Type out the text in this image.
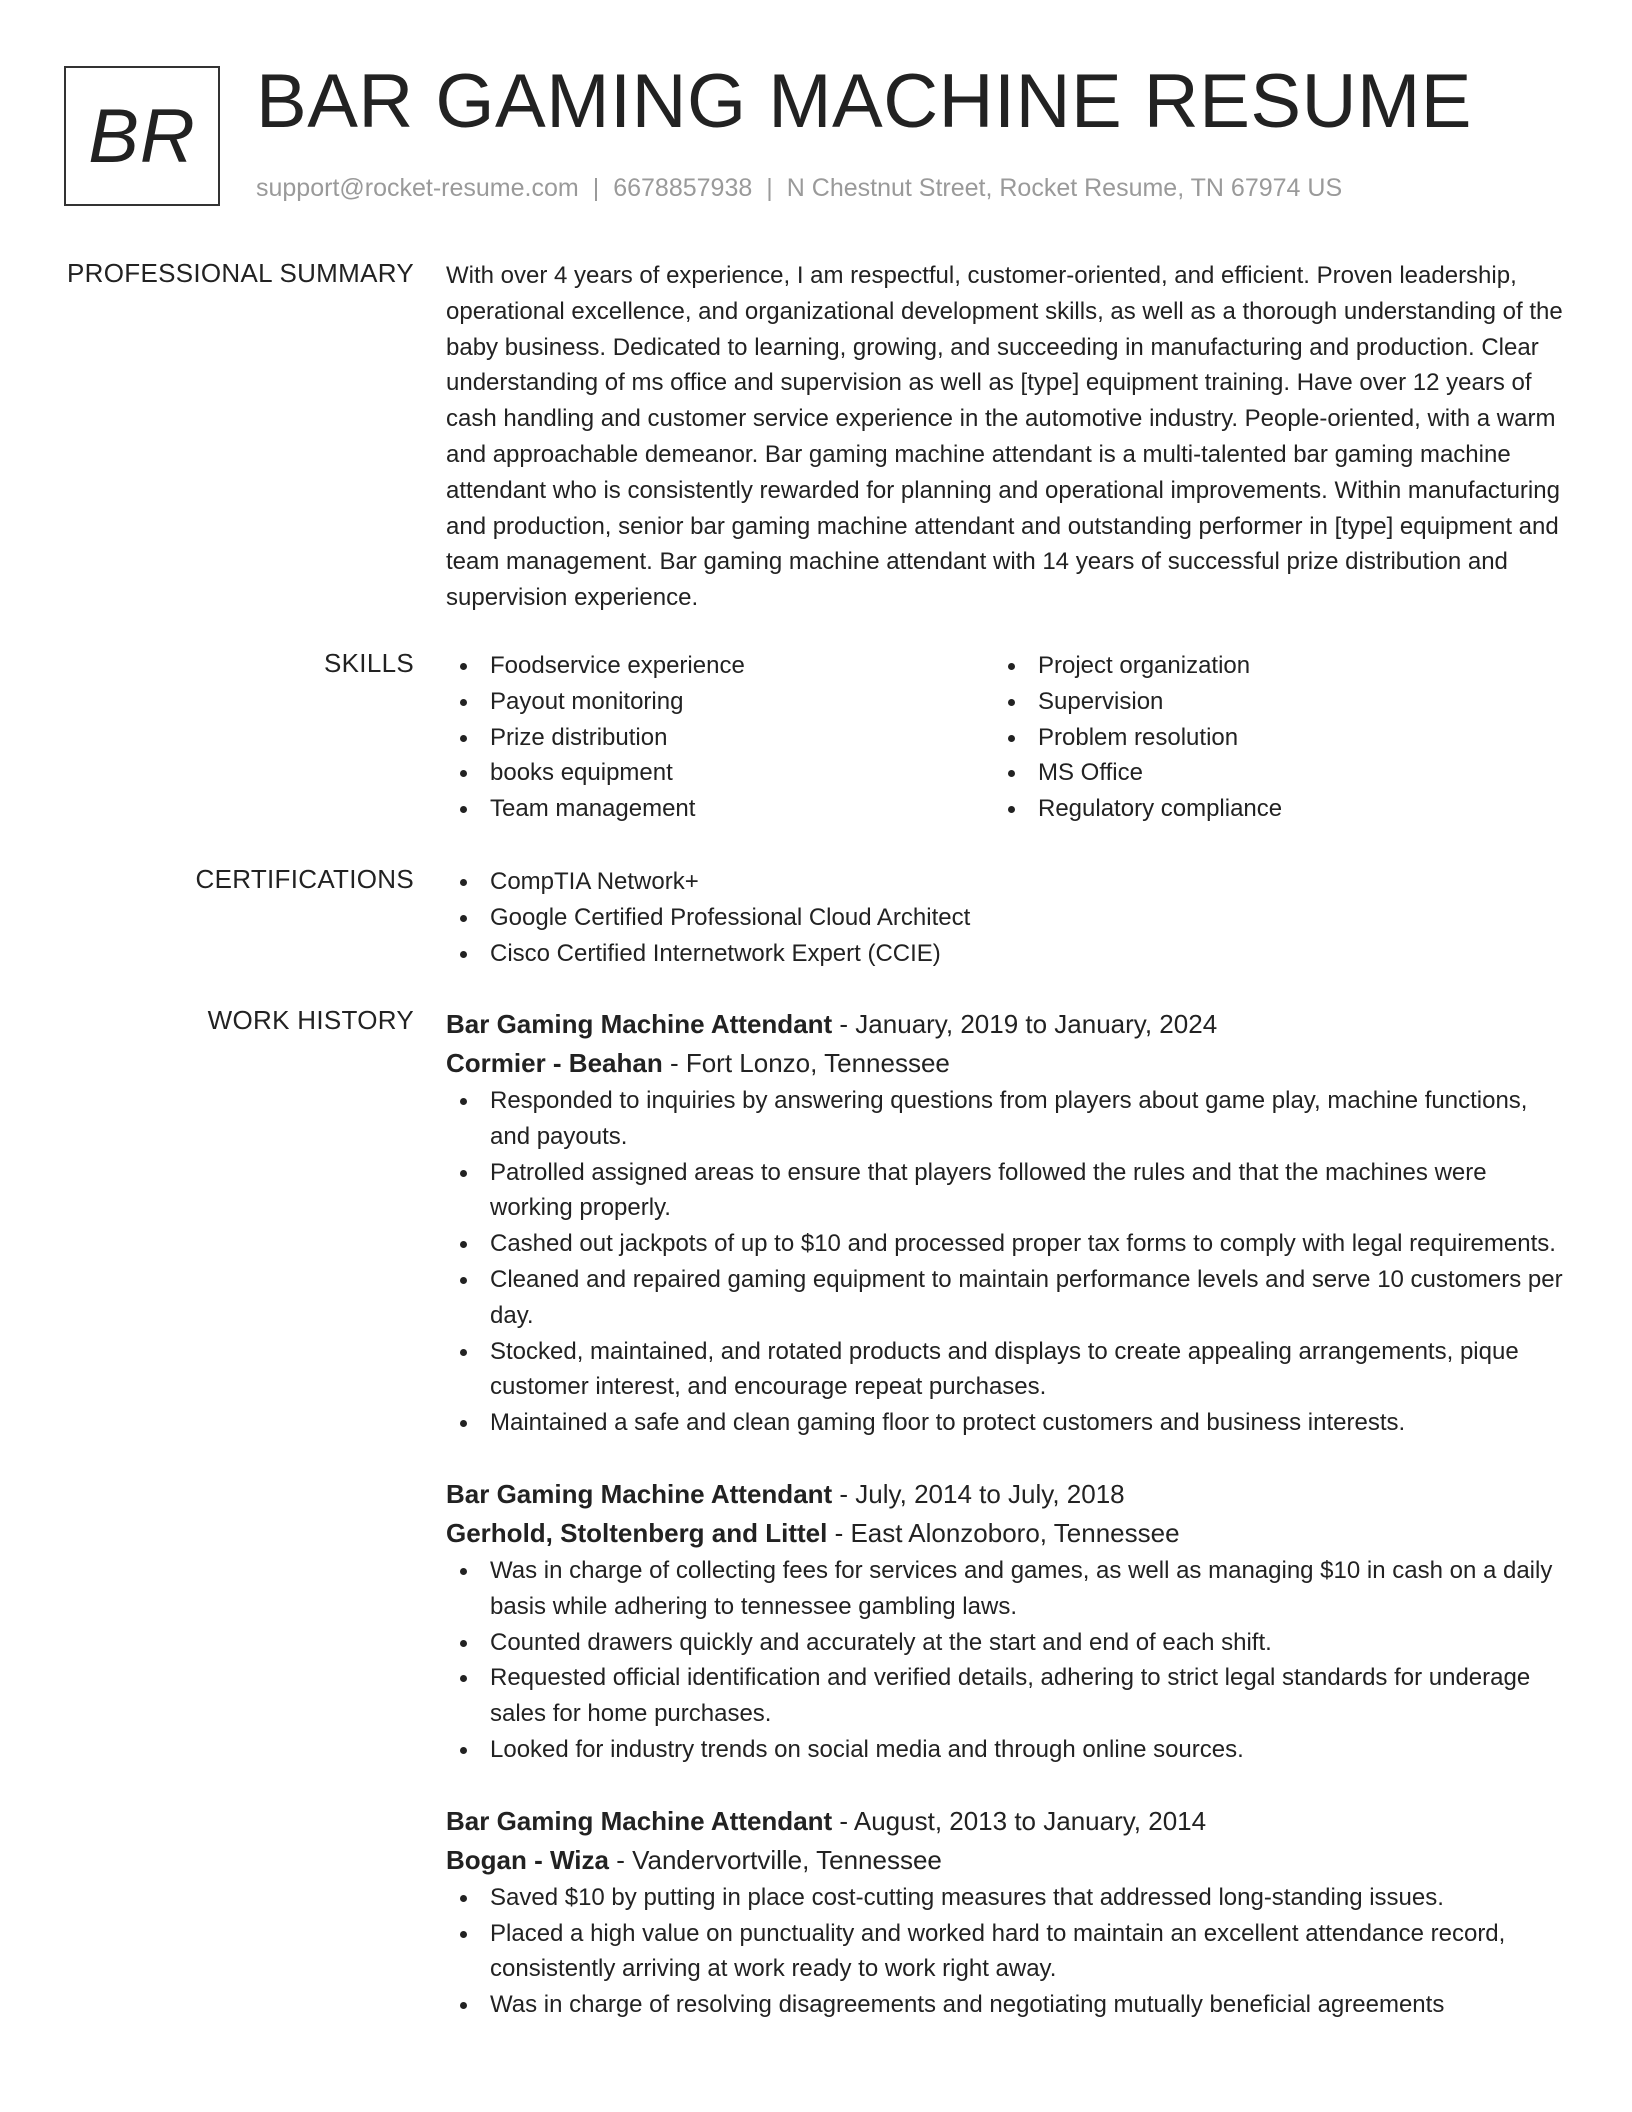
BR BAR GAMING MACHINE RESUME
support@rocket-resume.com | 6678857938 | N Chestnut Street, Rocket Resume, TN 67974 US
PROFESSIONAL SUMMARY With over 4 years of experience, I am respectful, customer-oriented, and efficient. Proven leadership, operational excellence, and organizational development skills, as well as a thorough understanding of the baby business. Dedicated to learning, growing, and succeeding in manufacturing and production. Clear understanding of ms office and supervision as well as [type] equipment training. Have over 12 years of cash handling and customer service experience in the automotive industry. People-oriented, with a warm and approachable demeanor. Bar gaming machine attendant is a multi-talented bar gaming machine attendant who is consistently rewarded for planning and operational improvements. Within manufacturing and production, senior bar gaming machine attendant and outstanding performer in [type] equipment and team management. Bar gaming machine attendant with 14 years of successful prize distribution and supervision experience.

SKILLS	Foodservice experience
Payout monitoring
Prize distribution
books equipment
Team management
Project organization
Supervision
Problem resolution
MS Office
Regulatory compliance
CERTIFICATIONS	CompTIA Network+
Google Certified Professional Cloud Architect
Cisco Certified Internetwork Expert (CCIE)
WORK HISTORY Bar Gaming Machine Attendant - January, 2019 to January, 2024
Cormier - Beahan - Fort Lonzo, Tennessee
Responded to inquiries by answering questions from players about game play, machine functions, and payouts.
Patrolled assigned areas to ensure that players followed the rules and that the machines were working properly.
Cashed out jackpots of up to $10 and processed proper tax forms to comply with legal requirements.
Cleaned and repaired gaming equipment to maintain performance levels and serve 10 customers per day.
Stocked, maintained, and rotated products and displays to create appealing arrangements, pique customer interest, and encourage repeat purchases.
Maintained a safe and clean gaming floor to protect customers and business interests.
Bar Gaming Machine Attendant - July, 2014 to July, 2018
Gerhold, Stoltenberg and Littel - East Alonzoboro, Tennessee
Was in charge of collecting fees for services and games, as well as managing $10 in cash on a daily basis while adhering to tennessee gambling laws.
Counted drawers quickly and accurately at the start and end of each shift.
Requested official identification and verified details, adhering to strict legal standards for underage sales for home purchases.
Looked for industry trends on social media and through online sources.
Bar Gaming Machine Attendant - August, 2013 to January, 2014
Bogan - Wiza - Vandervortville, Tennessee
Saved $10 by putting in place cost-cutting measures that addressed long-standing issues.
Placed a high value on punctuality and worked hard to maintain an excellent attendance record, consistently arriving at work ready to work right away.
Was in charge of resolving disagreements and negotiating mutually beneficial agreements
